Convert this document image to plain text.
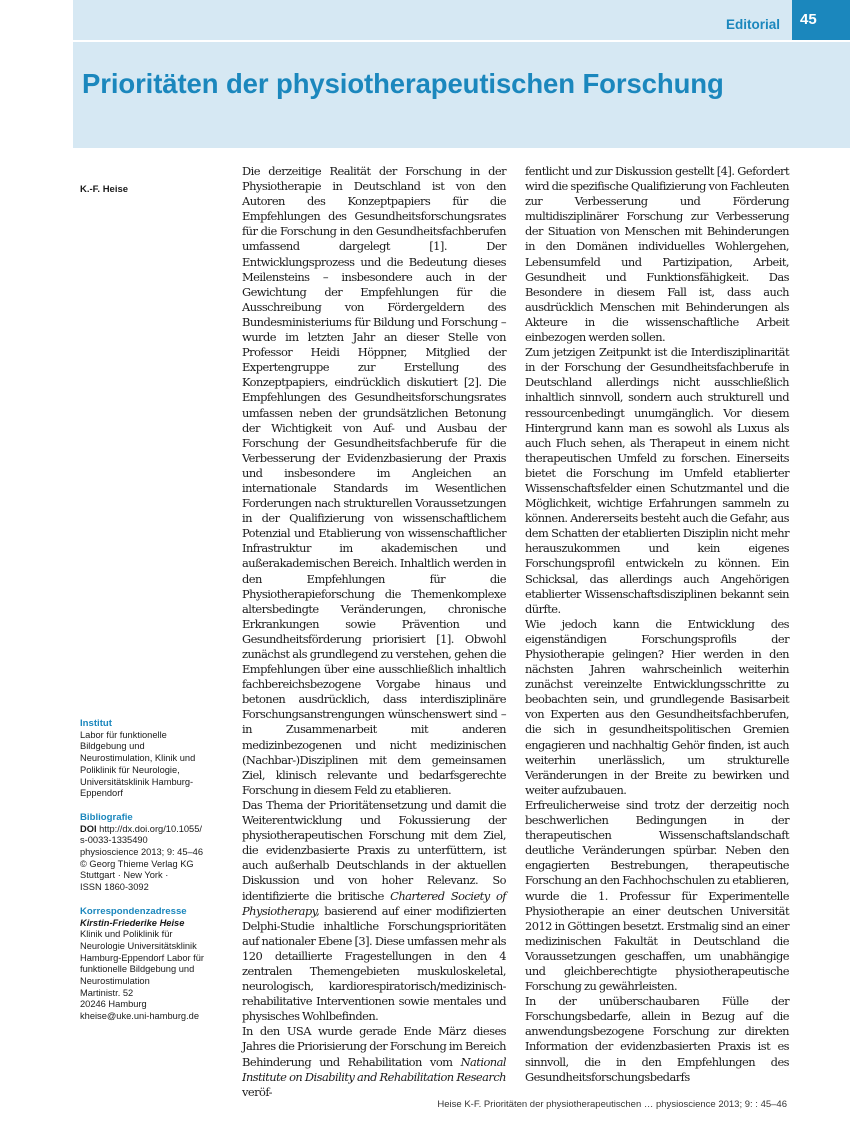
Editorial	45
Prioritäten der physiotherapeutischen Forschung
K.-F. Heise
Institut
Labor für funktionelle
Bildgebung und
Neurostimulation, Klinik und
Poliklinik für Neurologie,
Universitätsklinik Hamburg-
Eppendorf
Bibliografie
DOI http://dx.doi.org/10.1055/
s-0033-1335490
physioscience 2013; 9: 45–46
© Georg Thieme Verlag KG
Stuttgart · New York ·
ISSN 1860-3092
Korrespondenzadresse
Kirstin-Friederike Heise
Klinik und Poliklinik für
Neurologie Universitätsklinik
Hamburg-Eppendorf Labor für
funktionelle Bildgebung und
Neurostimulation
Martinistr. 52
20246 Hamburg
kheise@uke.uni-hamburg.de

Die derzeitige Realität der Forschung in der Physiotherapie in Deutschland ist von den Autoren des Konzeptpapiers für die Empfehlungen des Gesundheitsforschungsrates für die Forschung in den Gesundheitsfachberufen umfassend dargelegt [1]. Der Entwicklungsprozess und die Bedeutung dieses Meilensteins – insbesondere auch in der Gewichtung der Empfehlungen für die Ausschreibung von Fördergeldern des Bundesministeriums für Bildung und Forschung – wurde im letzten Jahr an dieser Stelle von Professor Heidi Höppner, Mitglied der Expertengruppe zur Erstellung des Konzeptpapiers, eindrücklich diskutiert [2]. Die Empfehlungen des Gesundheitsforschungsrates umfassen neben der grundsätzlichen Betonung der Wichtigkeit von Auf- und Ausbau der Forschung der Gesundheitsfachberufe für die Verbesserung der Evidenzbasierung der Praxis und insbesondere im Angleichen an internationale Standards im Wesentlichen Forderungen nach strukturellen Voraussetzungen in der Qualifizierung von wissenschaftlichem Potenzial und Etablierung von wissenschaftlicher Infrastruktur im akademischen und außerakademischen Bereich. Inhaltlich werden in den Empfehlungen für die Physiotherapieforschung die Themenkomplexe altersbedingte Veränderungen, chronische Erkrankungen sowie Prävention und Gesundheitsförderung priorisiert [1]. Obwohl zunächst als grundlegend zu verstehen, gehen die Empfehlungen über eine ausschließlich inhaltlich fachbereichsbezogene Vorgabe hinaus und betonen ausdrücklich, dass interdisziplinäre Forschungsanstrengungen wünschenswert sind – in Zusammenarbeit mit anderen medizinbezogenen und nicht medizinischen (Nachbar-)Disziplinen mit dem gemeinsamen Ziel, klinisch relevante und bedarfsgerechte Forschung in diesem Feld zu etablieren.

Das Thema der Prioritätensetzung und damit die Weiterentwicklung und Fokussierung der physiotherapeutischen Forschung mit dem Ziel, die evidenzbasierte Praxis zu unterfüttern, ist auch außerhalb Deutschlands in der aktuellen Diskussion und von hoher Relevanz. So identifizierte die britische Chartered Society of Physiotherapy, basierend auf einer modifizierten Delphi-Studie inhaltliche Forschungsprioritäten auf nationaler Ebene [3]. Diese umfassen mehr als 120 detaillierte Fragestellungen in den 4 zentralen Themengebieten muskuloskeletal, neurologisch, kardiorespiratorisch/medizinisch-rehabilitative Interventionen sowie mentales und physisches Wohlbefinden.

In den USA wurde gerade Ende März dieses Jahres die Priorisierung der Forschung im Bereich Behinderung und Rehabilitation vom National Institute on Disability and Rehabilitation Research veröf-

fentlicht und zur Diskussion gestellt [4]. Gefordert wird die spezifische Qualifizierung von Fachleuten zur Verbesserung und Förderung multidisziplinärer Forschung zur Verbesserung der Situation von Menschen mit Behinderungen in den Domänen individuelles Wohlergehen, Lebensumfeld und Partizipation, Arbeit, Gesundheit und Funktionsfähigkeit. Das Besondere in diesem Fall ist, dass auch ausdrücklich Menschen mit Behinderungen als Akteure in die wissenschaftliche Arbeit einbezogen werden sollen.

Zum jetzigen Zeitpunkt ist die Interdisziplinarität in der Forschung der Gesundheitsfachberufe in Deutschland allerdings nicht ausschließlich inhaltlich sinnvoll, sondern auch strukturell und ressourcenbedingt unumgänglich. Vor diesem Hintergrund kann man es sowohl als Luxus als auch Fluch sehen, als Therapeut in einem nicht therapeutischen Umfeld zu forschen. Einerseits bietet die Forschung im Umfeld etablierter Wissenschaftsfelder einen Schutzmantel und die Möglichkeit, wichtige Erfahrungen sammeln zu können. Andererseits besteht auch die Gefahr, aus dem Schatten der etablierten Disziplin nicht mehr herauszukommen und kein eigenes Forschungsprofil entwickeln zu können. Ein Schicksal, das allerdings auch Angehörigen etablierter Wissenschaftsdisziplinen bekannt sein dürfte.

Wie jedoch kann die Entwicklung des eigenständigen Forschungsprofils der Physiotherapie gelingen? Hier werden in den nächsten Jahren wahrscheinlich weiterhin zunächst vereinzelte Entwicklungsschritte zu beobachten sein, und grundlegende Basisarbeit von Experten aus den Gesundheitsfachberufen, die sich in gesundheitspolitischen Gremien engagieren und nachhaltig Gehör finden, ist auch weiterhin unerlässlich, um strukturelle Veränderungen in der Breite zu bewirken und weiter aufzubauen.

Erfreulicherweise sind trotz der derzeitig noch beschwerlichen Bedingungen in der therapeutischen Wissenschaftslandschaft deutliche Veränderungen spürbar. Neben den engagierten Bestrebungen, therapeutische Forschung an den Fachhochschulen zu etablieren, wurde die 1. Professur für Experimentelle Physiotherapie an einer deutschen Universität 2012 in Göttingen besetzt. Erstmalig sind an einer medizinischen Fakultät in Deutschland die Voraussetzungen geschaffen, um unabhängige und gleichberechtigte physiotherapeutische Forschung zu gewährleisten.

In der unüberschaubaren Fülle der Forschungsbedarfe, allein in Bezug auf die anwendungsbezogene Forschung zur direkten Information der evidenzbasierten Praxis ist es sinnvoll, die in den Empfehlungen des Gesundheitsforschungsbedarfs

Heise K-F. Prioritäten der physiotherapeutischen … physioscience 2013; 9: : 45–46
